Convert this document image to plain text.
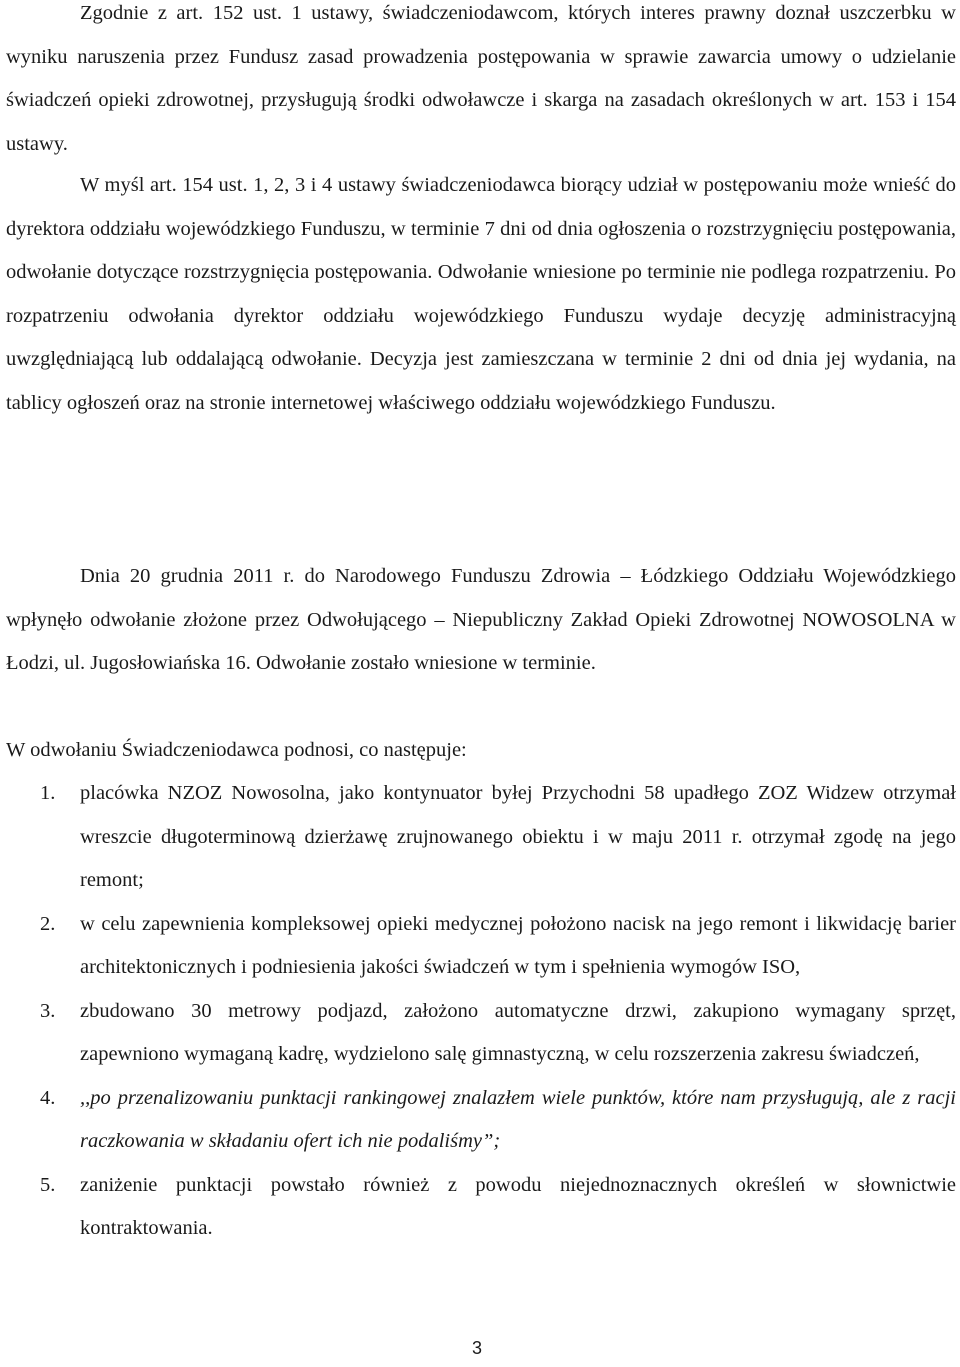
Zgodnie z art. 152 ust. 1 ustawy, świadczeniodawcom, których interes prawny doznał uszczerbku w wyniku naruszenia przez Fundusz zasad prowadzenia postępowania w sprawie zawarcia umowy o udzielanie świadczeń opieki zdrowotnej, przysługują środki odwoławcze i skarga na zasadach określonych w art. 153 i 154 ustawy.

W myśl art. 154 ust. 1, 2, 3 i 4 ustawy świadczeniodawca biorący udział w postępowaniu może wnieść do dyrektora oddziału wojewódzkiego Funduszu, w terminie 7 dni od dnia ogłoszenia o rozstrzygnięciu postępowania, odwołanie dotyczące rozstrzygnięcia postępowania. Odwołanie wniesione po terminie nie podlega rozpatrzeniu. Po rozpatrzeniu odwołania dyrektor oddziału wojewódzkiego Funduszu wydaje decyzję administracyjną uwzględniającą lub oddalającą odwołanie. Decyzja jest zamieszczana w terminie 2 dni od dnia jej wydania, na tablicy ogłoszeń oraz na stronie internetowej właściwego oddziału wojewódzkiego Funduszu.

Dnia 20 grudnia 2011 r. do Narodowego Funduszu Zdrowia – Łódzkiego Oddziału Wojewódzkiego wpłynęło odwołanie złożone przez Odwołującego – Niepubliczny Zakład Opieki Zdrowotnej NOWOSOLNA w Łodzi, ul. Jugosłowiańska 16. Odwołanie zostało wniesione w terminie.

W odwołaniu Świadczeniodawca podnosi, co następuje:

1. placówka NZOZ Nowosolna, jako kontynuator byłej Przychodni 58 upadłego ZOZ Widzew otrzymał wreszcie długoterminową dzierżawę zrujnowanego obiektu i w maju 2011 r. otrzymał zgodę na jego remont;
2. w celu zapewnienia kompleksowej opieki medycznej położono nacisk na jego remont i likwidację barier architektonicznych i podniesienia jakości świadczeń w tym i spełnienia wymogów ISO,
3. zbudowano 30 metrowy podjazd, założono automatyczne drzwi, zakupiono wymagany sprzęt, zapewniono wymaganą kadrę, wydzielono salę gimnastyczną, w celu rozszerzenia zakresu świadczeń,
4. ,,po przenalizowaniu punktacji rankingowej znalazłem wiele punktów, które nam przysługują, ale z racji raczkowania w składaniu ofert ich nie podaliśmy”;
5. zaniżenie punktacji powstało również z powodu niejednoznacznych określeń w słownictwie kontraktowania.
3
